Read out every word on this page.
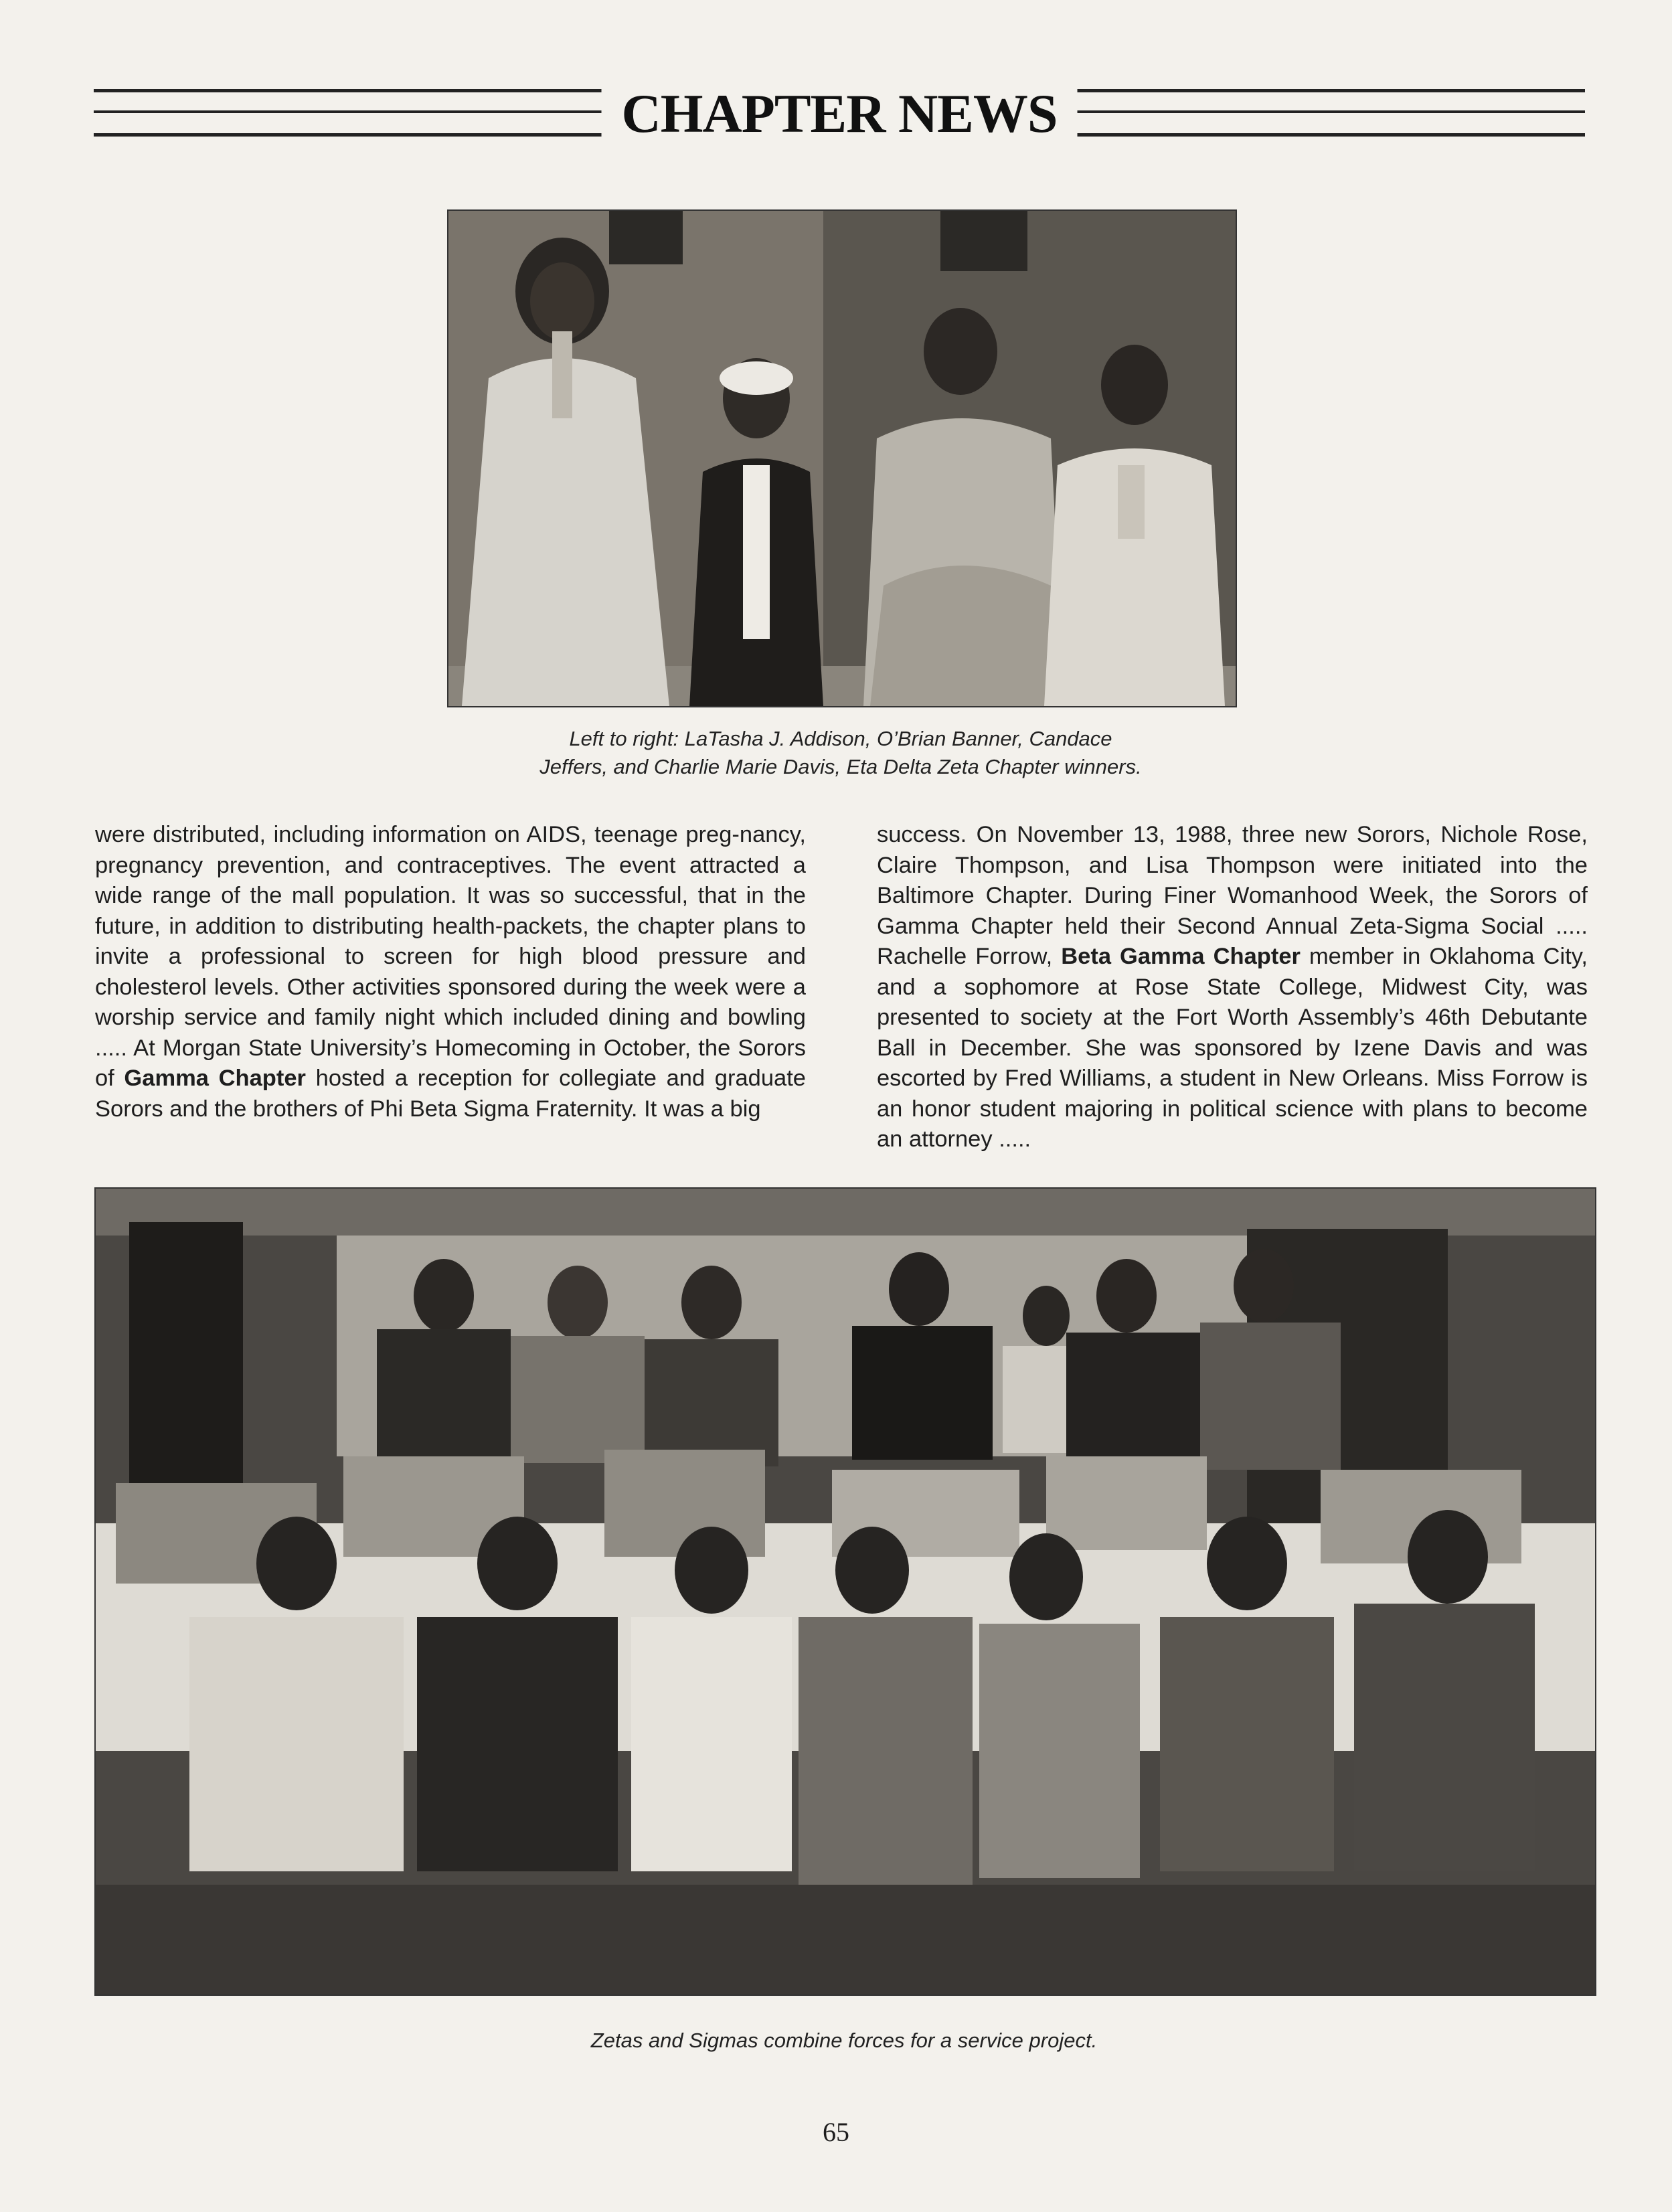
CHAPTER NEWS
Left to right: LaTasha J. Addison, O’Brian Banner, Candace
Jeffers, and Charlie Marie Davis, Eta Delta Zeta Chapter winners.
were distributed, including information on AIDS, teenage preg-nancy, pregnancy prevention, and contraceptives. The event attracted a wide range of the mall population. It was so successful, that in the future, in addition to distributing health-packets, the chapter plans to invite a professional to screen for high blood pressure and cholesterol levels. Other activities sponsored during the week were a worship service and family night which included dining and bowling ..... At Morgan State University’s Homecoming in October, the Sorors of Gamma Chapter hosted a reception for collegiate and graduate Sorors and the brothers of Phi Beta Sigma Fraternity. It was a big
success. On November 13, 1988, three new Sorors, Nichole Rose, Claire Thompson, and Lisa Thompson were initiated into the Baltimore Chapter. During Finer Womanhood Week, the Sorors of Gamma Chapter held their Second Annual Zeta-Sigma Social ..... Rachelle Forrow, Beta Gamma Chapter member in Oklahoma City, and a sophomore at Rose State College, Midwest City, was presented to society at the Fort Worth Assembly’s 46th Debutante Ball in December. She was sponsored by Izene Davis and was escorted by Fred Williams, a student in New Orleans. Miss Forrow is an honor student majoring in political science with plans to become an attorney .....
Zetas and Sigmas combine forces for a service project.
65
